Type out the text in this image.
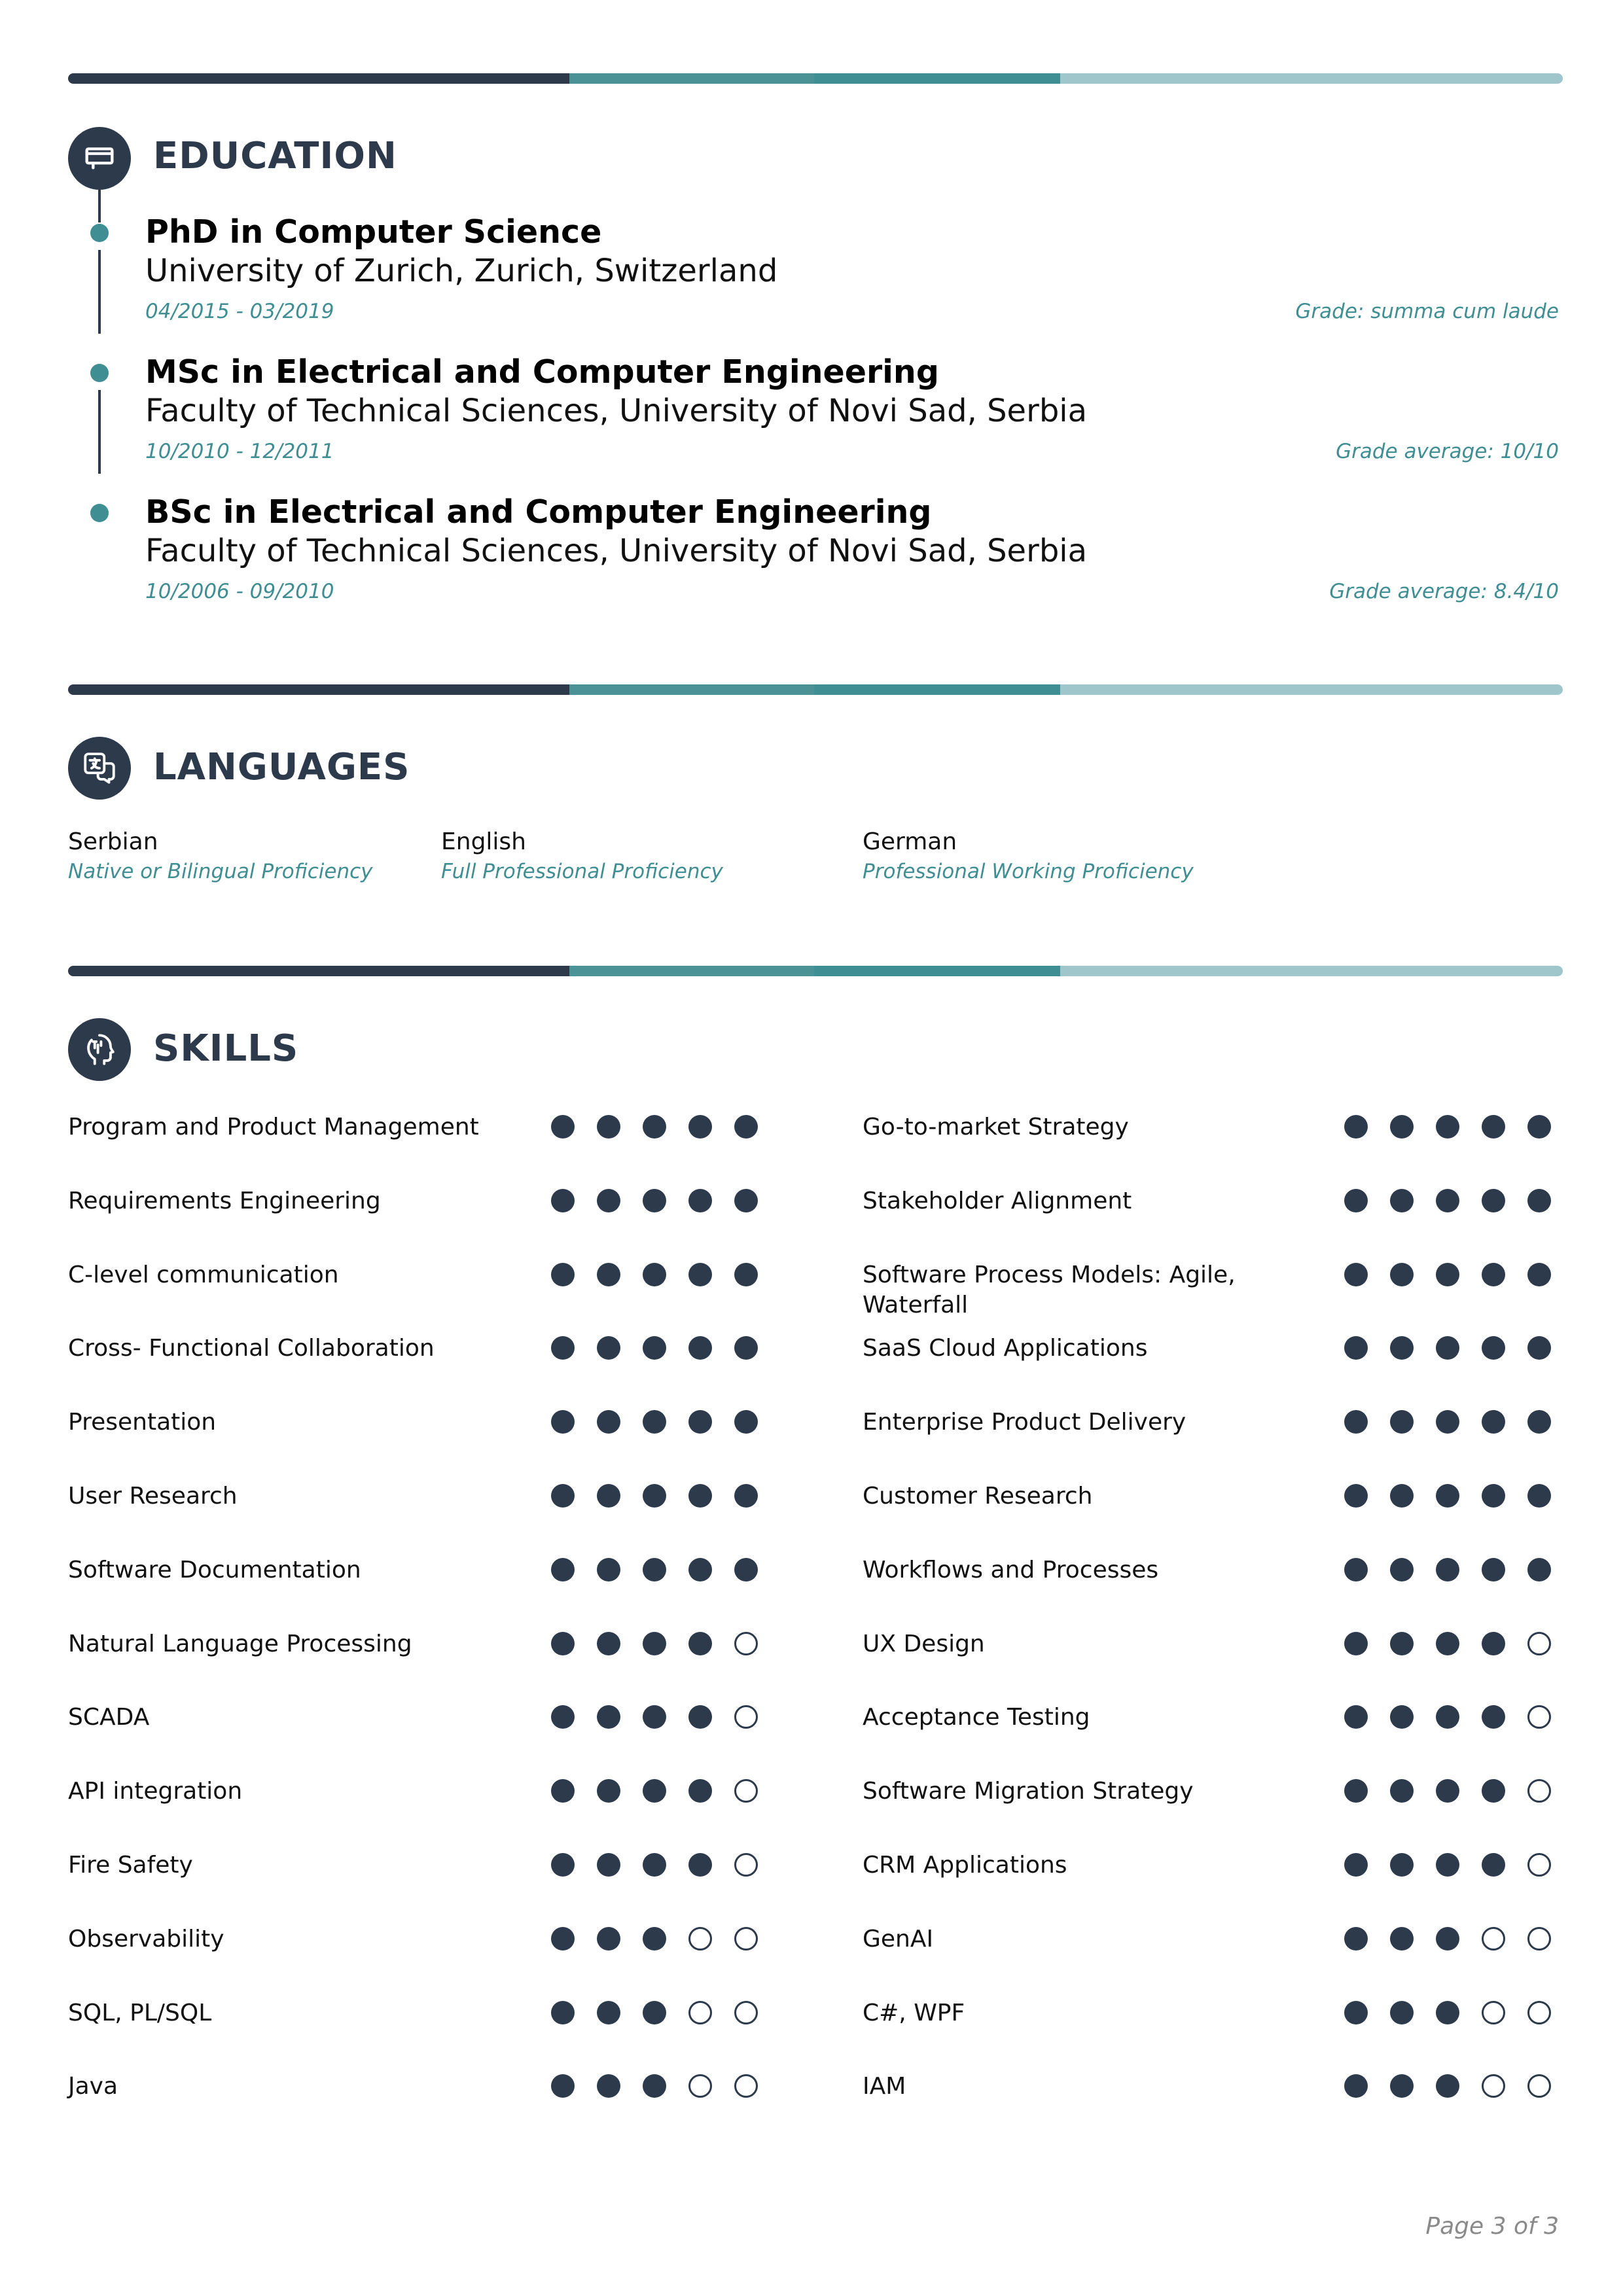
EDUCATION
PhD in Computer Science
University of Zurich, Zurich, Switzerland
04/2015 - 03/2019	Grade: summa cum laude
MSc in Electrical and Computer Engineering
Faculty of Technical Sciences, University of Novi Sad, Serbia
10/2010 - 12/2011	Grade average: 10/10
BSc in Electrical and Computer Engineering
Faculty of Technical Sciences, University of Novi Sad, Serbia
10/2006 - 09/2010	Grade average: 8.4/10
LANGUAGES
Serbian
Native or Bilingual Proficiency
English
Full Professional Proficiency
German
Professional Working Proficiency
SKILLS
Program and Product Management
Requirements Engineering
C-level communication
Cross- Functional Collaboration
Presentation
User Research
Software Documentation
Natural Language Processing
SCADA
API integration
Fire Safety
Observability
SQL, PL/SQL
Java
Go-to-market Strategy
Stakeholder Alignment
Software Process Models: Agile, Waterfall
SaaS Cloud Applications
Enterprise Product Delivery
Customer Research
Workflows and Processes
UX Design
Acceptance Testing
Software Migration Strategy
CRM Applications
GenAI
C#, WPF
IAM
Page 3 of 3
